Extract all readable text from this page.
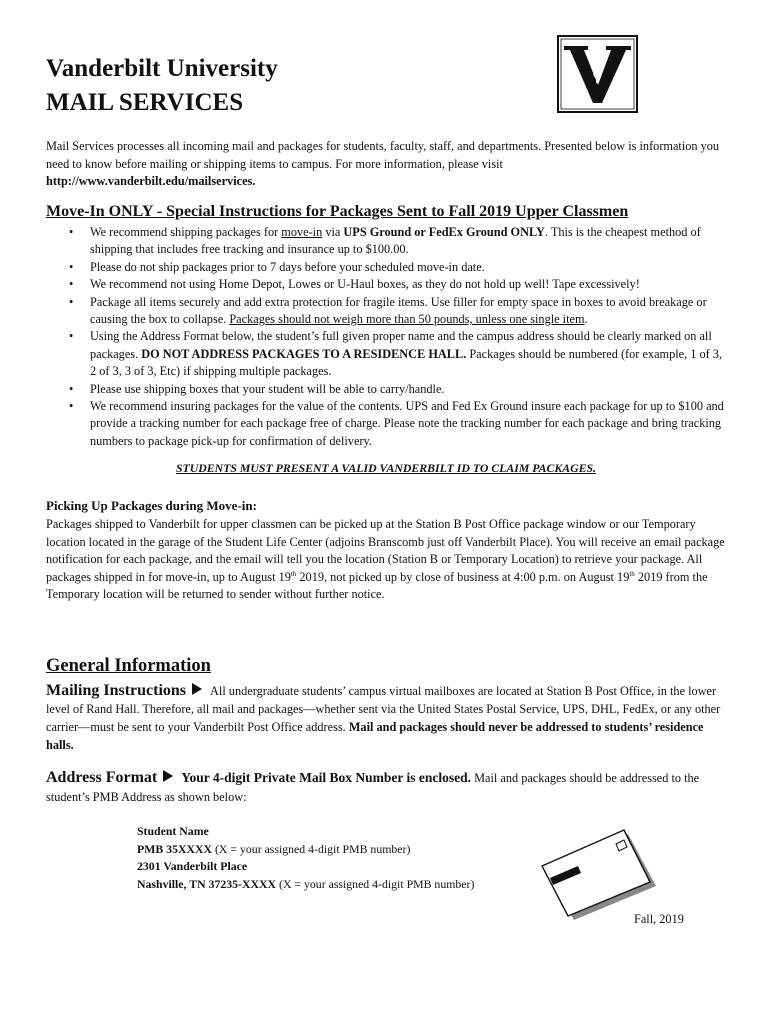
Vanderbilt University
MAIL SERVICES
Mail Services processes all incoming mail and packages for students, faculty, staff, and departments. Presented below is information you need to know before mailing or shipping items to campus. For more information, please visit
http://www.vanderbilt.edu/mailservices.
Move-In ONLY - Special Instructions for Packages Sent to Fall 2019 Upper Classmen
• We recommend shipping packages for move-in via UPS Ground or FedEx Ground ONLY. This is the cheapest method of shipping that includes free tracking and insurance up to $100.00.
• Please do not ship packages prior to 7 days before your scheduled move-in date.
• We recommend not using Home Depot, Lowes or U-Haul boxes, as they do not hold up well! Tape excessively!
• Package all items securely and add extra protection for fragile items. Use filler for empty space in boxes to avoid breakage or causing the box to collapse. Packages should not weigh more than 50 pounds, unless one single item.
• Using the Address Format below, the student’s full given proper name and the campus address should be clearly marked on all packages. DO NOT ADDRESS PACKAGES TO A RESIDENCE HALL. Packages should be numbered (for example, 1 of 3, 2 of 3, 3 of 3, Etc) if shipping multiple packages.
• Please use shipping boxes that your student will be able to carry/handle.
• We recommend insuring packages for the value of the contents. UPS and Fed Ex Ground insure each package for up to $100 and provide a tracking number for each package free of charge. Please note the tracking number for each package and bring tracking numbers to package pick-up for confirmation of delivery.
STUDENTS MUST PRESENT A VALID VANDERBILT ID TO CLAIM PACKAGES.
Picking Up Packages during Move-in:
Packages shipped to Vanderbilt for upper classmen can be picked up at the Station B Post Office package window or our Temporary location located in the garage of the Student Life Center (adjoins Branscomb just off Vanderbilt Place). You will receive an email package notification for each package, and the email will tell you the location (Station B or Temporary Location) to retrieve your package. All packages shipped in for move-in, up to August 19th 2019, not picked up by close of business at 4:00 p.m. on August 19th 2019 from the Temporary location will be returned to sender without further notice.
General Information
Mailing Instructions All undergraduate students’ campus virtual mailboxes are located at Station B Post Office, in the lower level of Rand Hall. Therefore, all mail and packages—whether sent via the United States Postal Service, UPS, DHL, FedEx, or any other carrier—must be sent to your Vanderbilt Post Office address. Mail and packages should never be addressed to students’ residence halls.
Address Format Your 4-digit Private Mail Box Number is enclosed. Mail and packages should be addressed to the student’s PMB Address as shown below:
Student Name
PMB 35XXXX (X = your assigned 4-digit PMB number)
2301 Vanderbilt Place
Nashville, TN 37235-XXXX (X = your assigned 4-digit PMB number)
Fall, 2019
